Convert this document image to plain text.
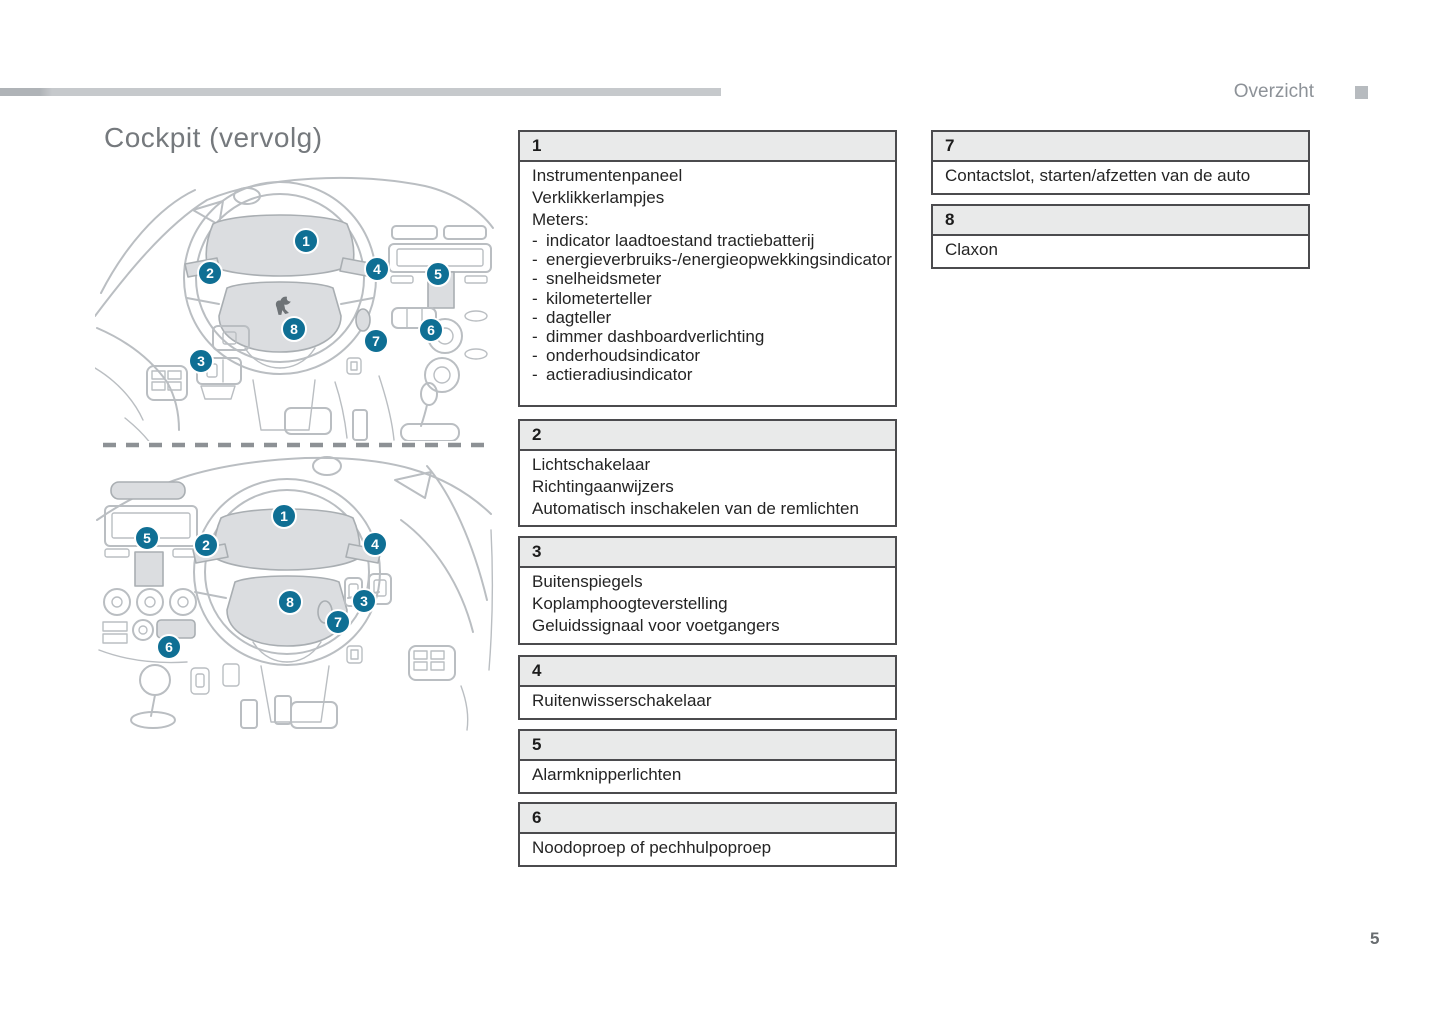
Overzicht
Cockpit (vervolg)
1
2
3
4	5
6
7
8
1
2
5	4
3
8
7
6
1
Instrumentenpaneel
Verklikkerlampjes
Meters:
- indicator laadtoestand tractiebatterij
- energieverbruiks-/energieopwekkingsindicator
- snelheidsmeter
- kilometerteller
- dagteller
- dimmer dashboardverlichting
- onderhoudsindicator
- actieradiusindicator
2
Lichtschakelaar
Richtingaanwijzers
Automatisch inschakelen van de remlichten
3
Buitenspiegels
Koplamphoogteverstelling
Geluidssignaal voor voetgangers
4
Ruitenwisserschakelaar
5
Alarmknipperlichten
6
Noodoproep of pechhulpoproep
7
Contactslot, starten/afzetten van de auto
8
Claxon
5
